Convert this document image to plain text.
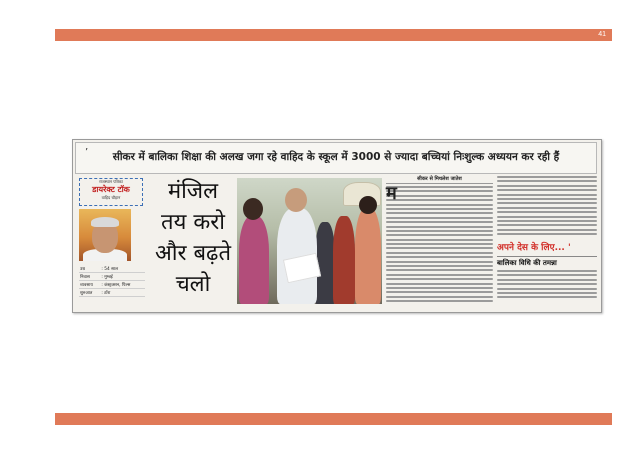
41
’	सीकर में बालिका शिक्षा की अलख जगा रहे वाहिद के स्कूल में 3000 से ज्यादा बच्चियां निःशुल्क अध्ययन कर रही हैं
राजस्थान पत्रिका
डायरेक्ट टॉक
वाहिद चौहान
उम्र	: 54 साल
निवास	: मुम्बई
व्यवसाय	: कंस्ट्रक्शन, पिल्स
शुरुआत	: टॉरा
मंजिल
तय करो
और बढ़ते
चलो
सीकर से मिथलेश जातेश
म
अपने देस के लिए... '
बालिका विधि की तमन्ना
